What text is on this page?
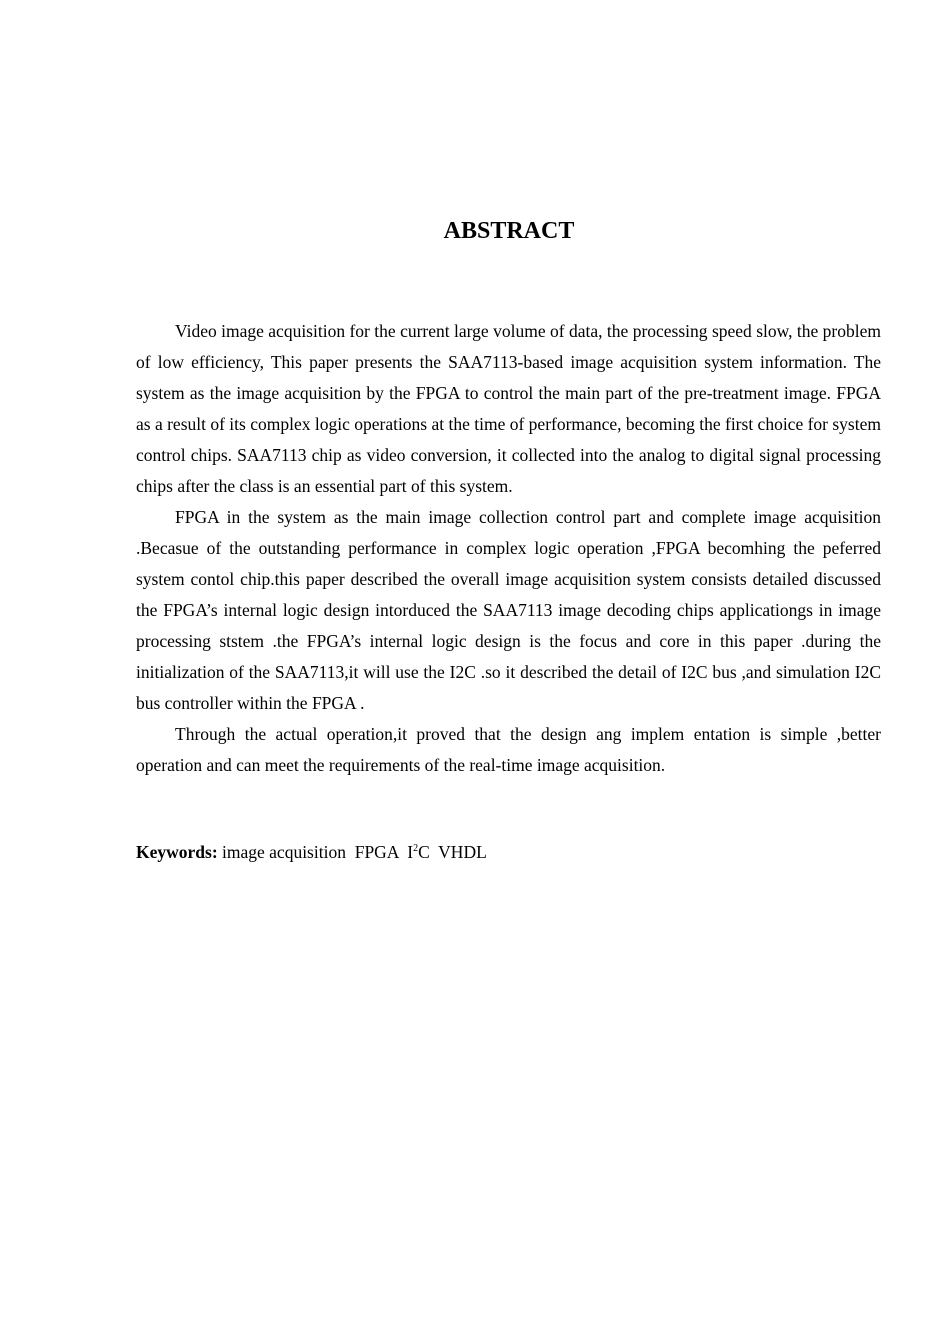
ABSTRACT

Video image acquisition for the current large volume of data, the processing speed slow, the problem of low efficiency, This paper presents the SAA7113-based image acquisition system information. The system as the image acquisition by the FPGA to control the main part of the pre-treatment image. FPGA as a result of its complex logic operations at the time of performance, becoming the first choice for system control chips. SAA7113 chip as video conversion, it collected into the analog to digital signal processing chips after the class is an essential part of this system.

FPGA in the system as the main image collection control part and complete image acquisition .Becasue of the outstanding performance in complex logic operation ,FPGA becomhing the peferred system contol chip.this paper described the overall image acquisition system consists detailed discussed the FPGA’s internal logic design intorduced the SAA7113 image decoding chips applicationgs in image processing ststem .the FPGA’s internal logic design is the focus and core in this paper .during the initialization of the SAA7113,it will use the I2C .so it described the detail of I2C bus ,and simulation I2C bus controller within the FPGA .

Through the actual operation,it proved that the design ang implem entation is simple ,better operation and can meet the requirements of the real-time image acquisition.

Keywords: image acquisition  FPGA  $I^2C$  VHDL
